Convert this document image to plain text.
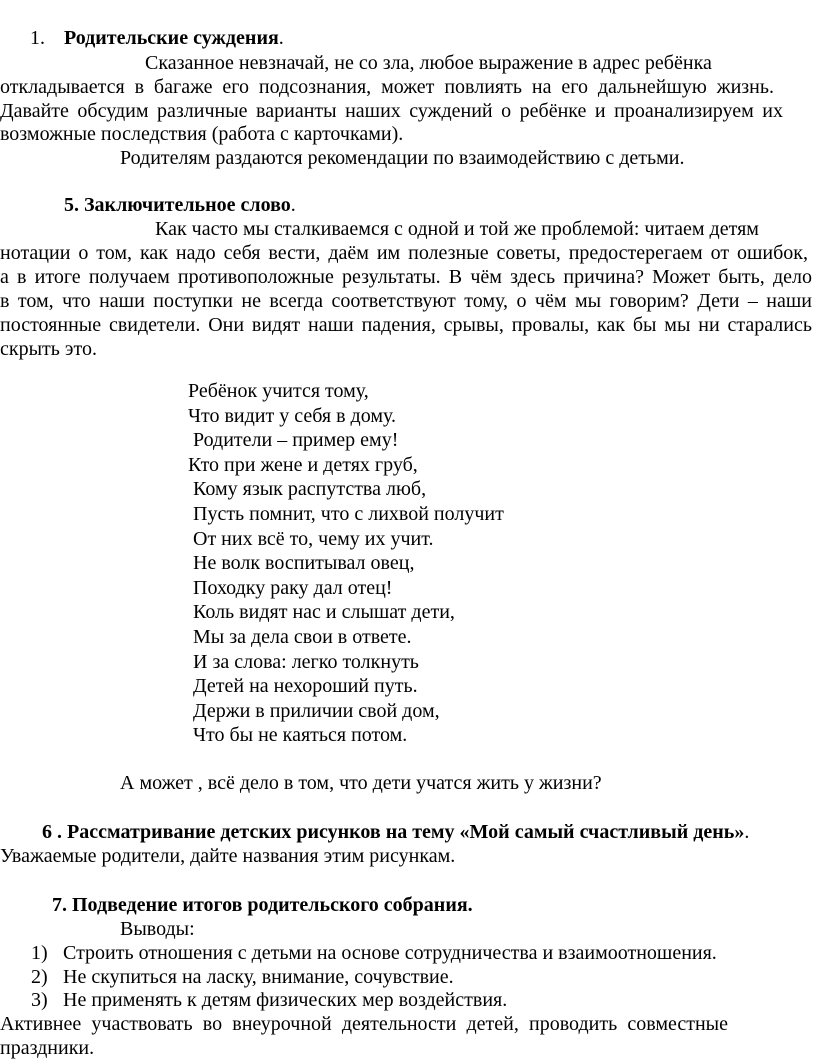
1. Родительские суждения.
Сказанное невзначай, не со зла, любое выражение в адрес ребёнка
откладывается в багаже его подсознания, может повлиять на его дальнейшую жизнь.
Давайте обсудим различные варианты наших суждений о ребёнке и проанализируем их
возможные последствия (работа с карточками).
Родителям раздаются рекомендации по взаимодействию с детьми.
5. Заключительное слово.
Как часто мы сталкиваемся с одной и той же проблемой: читаем детям
нотации о том, как надо себя вести, даём им полезные советы, предостерегаем от ошибок,
а в итоге получаем противоположные результаты. В чём здесь причина? Может быть, дело
в том, что наши поступки не всегда соответствуют тому, о чём мы говорим? Дети – наши
постоянные свидетели. Они видят наши падения, срывы, провалы, как бы мы ни старались
скрыть это.
Ребёнок учится тому,
Что видит у себя в дому.
Родители – пример ему!
Кто при жене и детях груб,
Кому язык распутства люб,
Пусть помнит, что с лихвой получит
От них всё то, чему их учит.
Не волк воспитывал овец,
Походку раку дал отец!
Коль видят нас и слышат дети,
Мы за дела свои в ответе.
И за слова: легко толкнуть
Детей на нехороший путь.
Держи в приличии свой дом,
Что бы не каяться потом.
А может , всё дело в том, что дети учатся жить у жизни?
6 . Рассматривание детских рисунков на тему «Мой самый счастливый день».
Уважаемые родители, дайте названия этим рисункам.
7. Подведение итогов родительского собрания.
Выводы:
1) Строить отношения с детьми на основе сотрудничества и взаимоотношения.
2) Не скупиться на ласку, внимание, сочувствие.
3) Не применять к детям физических мер воздействия.
Активнее участвовать во внеурочной деятельности детей, проводить совместные
праздники.
